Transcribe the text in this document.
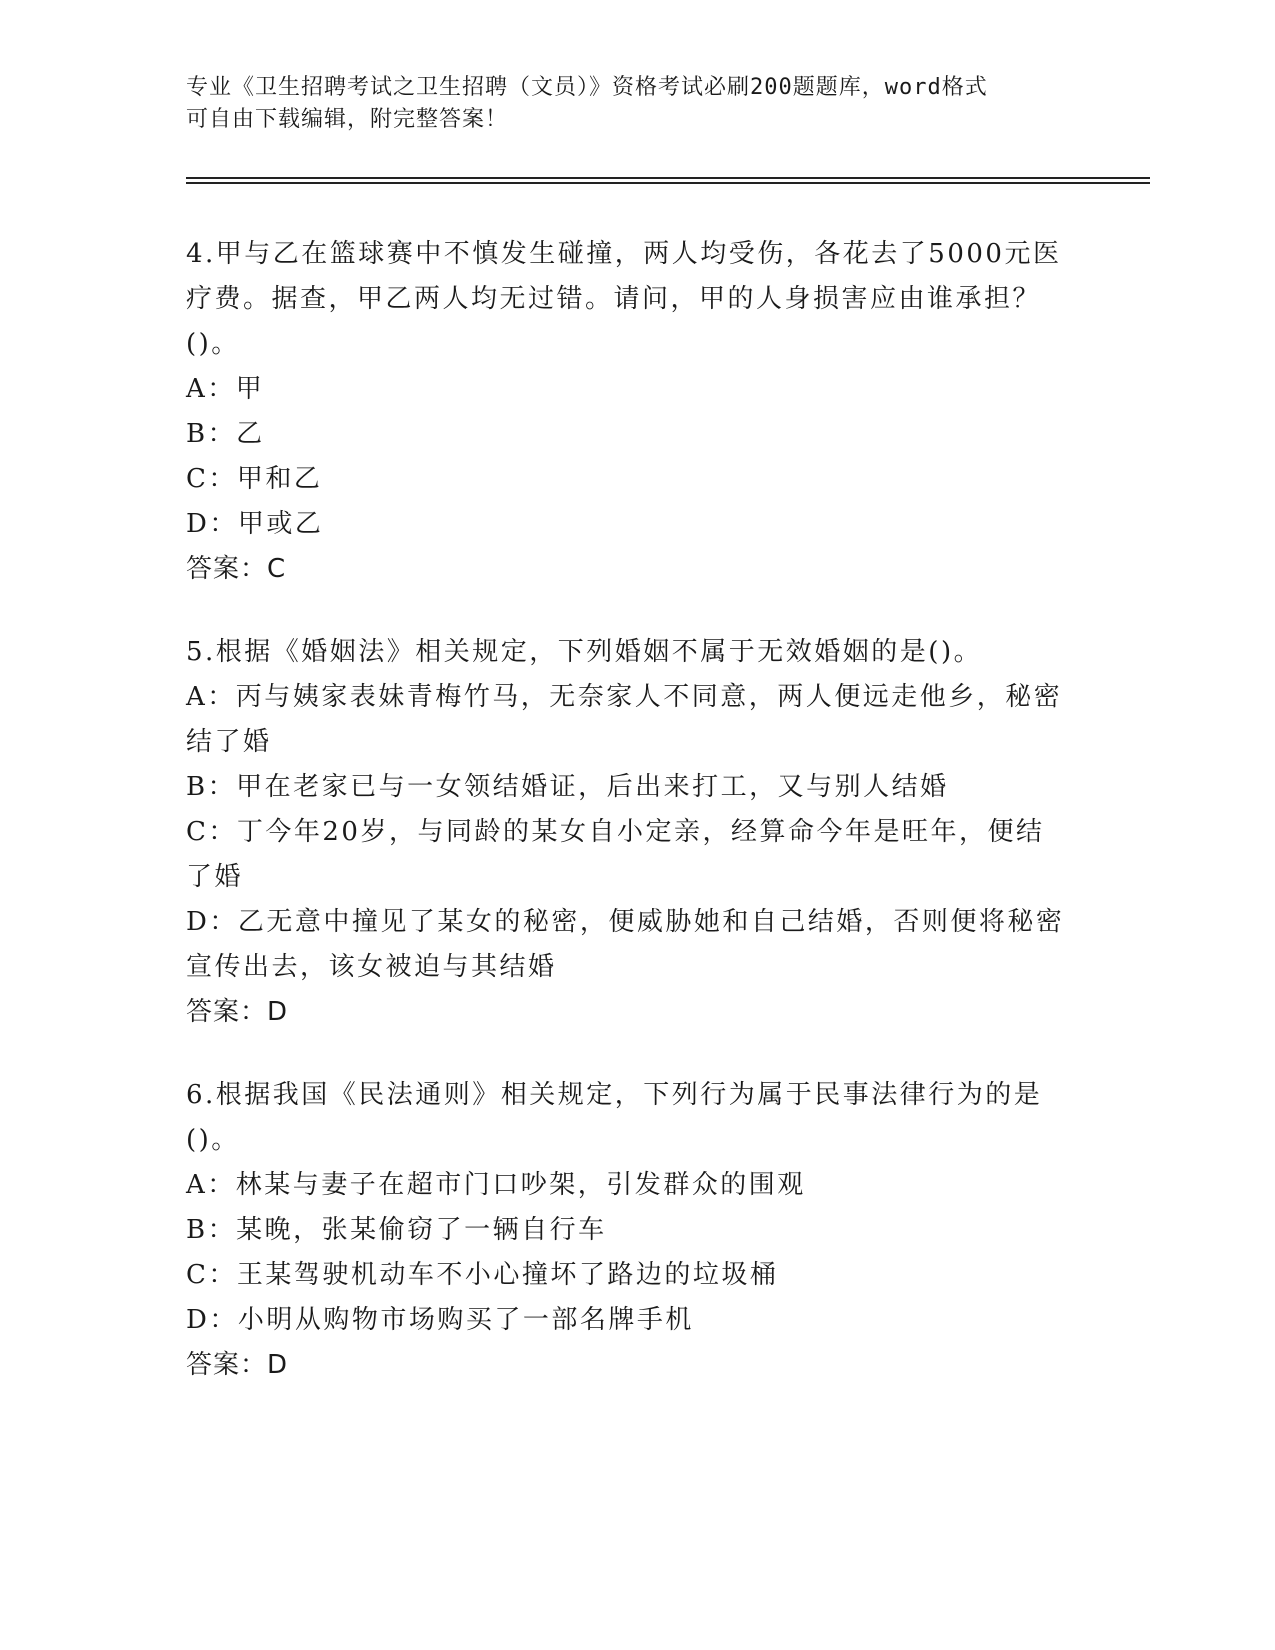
专业《卫生招聘考试之卫生招聘（文员）》资格考试必刷200题题库，word格式
可自由下载编辑，附完整答案！
4.甲与乙在篮球赛中不慎发生碰撞，两人均受伤，各花去了5000元医
疗费。据查，甲乙两人均无过错。请问，甲的人身损害应由谁承担？
()。
A：甲
B：乙
C：甲和乙
D：甲或乙
答案：C
5.根据《婚姻法》相关规定，下列婚姻不属于无效婚姻的是()。
A：丙与姨家表妹青梅竹马，无奈家人不同意，两人便远走他乡，秘密
结了婚
B：甲在老家已与一女领结婚证，后出来打工，又与别人结婚
C：丁今年20岁，与同龄的某女自小定亲，经算命今年是旺年，便结
了婚
D：乙无意中撞见了某女的秘密，便威胁她和自己结婚，否则便将秘密
宣传出去，该女被迫与其结婚
答案：D
6.根据我国《民法通则》相关规定，下列行为属于民事法律行为的是
()。
A：林某与妻子在超市门口吵架，引发群众的围观
B：某晚，张某偷窃了一辆自行车
C：王某驾驶机动车不小心撞坏了路边的垃圾桶
D：小明从购物市场购买了一部名牌手机
答案：D
